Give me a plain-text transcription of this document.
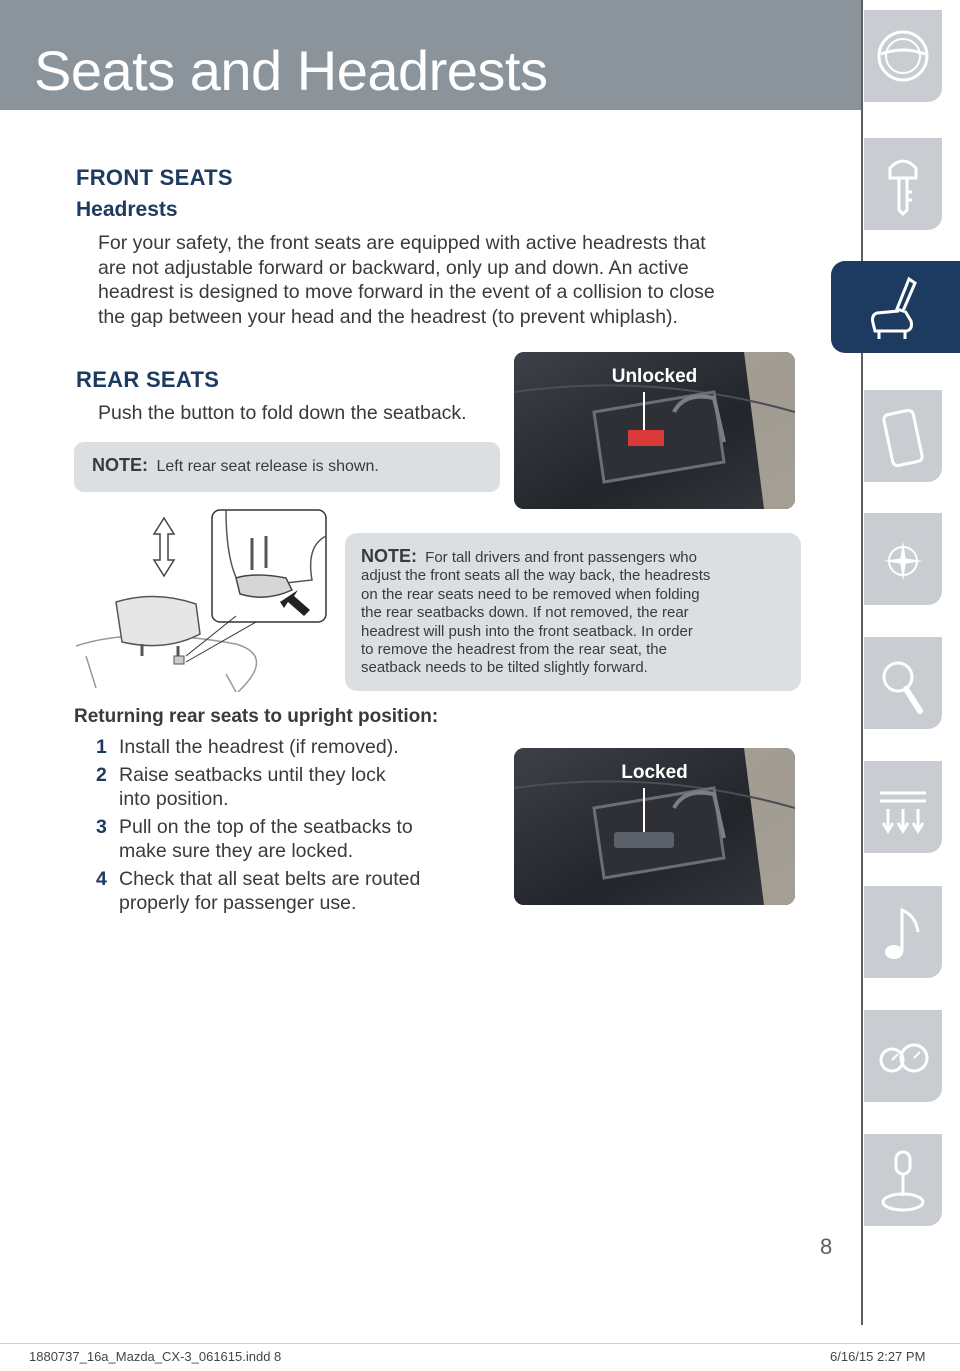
Seats and Headrests
FRONT SEATS
Headrests
For your safety, the front seats are equipped with active headrests that
are not adjustable forward or backward, only up and down. An active
headrest is designed to move forward in the event of a collision to close
the gap between your head and the headrest (to prevent whiplash).
REAR SEATS
Push the button to fold down the seatback.
NOTE: Left rear seat release is shown.
Unlocked
NOTE: For tall drivers and front passengers who
adjust the front seats all the way back, the headrests
on the rear seats need to be removed when folding
the rear seatbacks down. If not removed, the rear
headrest will push into the front seatback. In order
to remove the headrest from the rear seat, the
seatback needs to be tilted slightly forward.
Returning rear seats to upright position:
1 Install the headrest (if removed).
2 Raise seatbacks until they lock
into position.
3 Pull on the top of the seatbacks to
make sure they are locked.
4 Check that all seat belts are routed
properly for passenger use.
Locked
8
1880737_16a_Mazda_CX-3_061615.indd 8	6/16/15 2:27 PM
